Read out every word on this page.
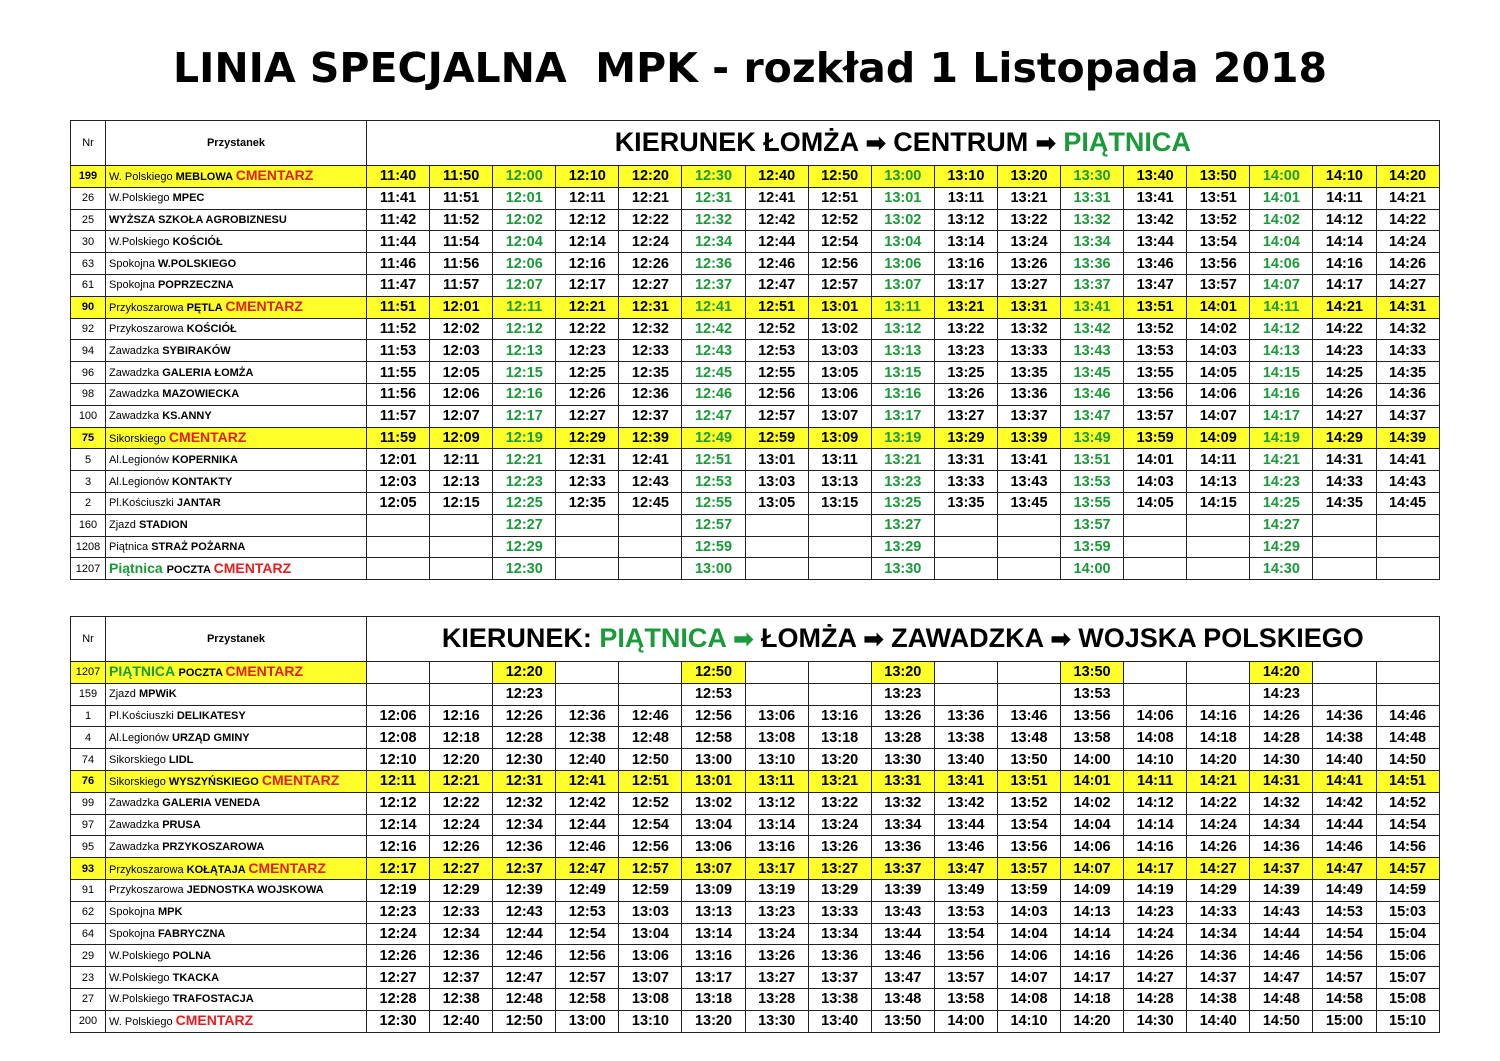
LINIA SPECJALNA  MPK - rozkład 1 Listopada 2018
Nr	Przystanek	KIERUNEK ŁOMŻA ➡ CENTRUM ➡ PIĄTNICA																
199	W. Polskiego MEBLOWA CMENTARZ	11:40	11:50	12:00	12:10	12:20	12:30	12:40	12:50	13:00	13:10	13:20	13:30	13:40	13:50	14:00	14:10	14:20
26	W.Polskiego MPEC	11:41	11:51	12:01	12:11	12:21	12:31	12:41	12:51	13:01	13:11	13:21	13:31	13:41	13:51	14:01	14:11	14:21
25	WYŻSZA SZKOŁA AGROBIZNESU	11:42	11:52	12:02	12:12	12:22	12:32	12:42	12:52	13:02	13:12	13:22	13:32	13:42	13:52	14:02	14:12	14:22
30	W.Polskiego KOŚCIÓŁ	11:44	11:54	12:04	12:14	12:24	12:34	12:44	12:54	13:04	13:14	13:24	13:34	13:44	13:54	14:04	14:14	14:24
63	Spokojna W.POLSKIEGO	11:46	11:56	12:06	12:16	12:26	12:36	12:46	12:56	13:06	13:16	13:26	13:36	13:46	13:56	14:06	14:16	14:26
61	Spokojna POPRZECZNA	11:47	11:57	12:07	12:17	12:27	12:37	12:47	12:57	13:07	13:17	13:27	13:37	13:47	13:57	14:07	14:17	14:27
90	Przykoszarowa PĘTLA CMENTARZ	11:51	12:01	12:11	12:21	12:31	12:41	12:51	13:01	13:11	13:21	13:31	13:41	13:51	14:01	14:11	14:21	14:31
92	Przykoszarowa KOŚCIÓŁ	11:52	12:02	12:12	12:22	12:32	12:42	12:52	13:02	13:12	13:22	13:32	13:42	13:52	14:02	14:12	14:22	14:32
94	Zawadzka SYBIRAKÓW	11:53	12:03	12:13	12:23	12:33	12:43	12:53	13:03	13:13	13:23	13:33	13:43	13:53	14:03	14:13	14:23	14:33
96	Zawadzka GALERIA ŁOMŻA	11:55	12:05	12:15	12:25	12:35	12:45	12:55	13:05	13:15	13:25	13:35	13:45	13:55	14:05	14:15	14:25	14:35
98	Zawadzka MAZOWIECKA	11:56	12:06	12:16	12:26	12:36	12:46	12:56	13:06	13:16	13:26	13:36	13:46	13:56	14:06	14:16	14:26	14:36
100	Zawadzka KS.ANNY	11:57	12:07	12:17	12:27	12:37	12:47	12:57	13:07	13:17	13:27	13:37	13:47	13:57	14:07	14:17	14:27	14:37
75	Sikorskiego CMENTARZ	11:59	12:09	12:19	12:29	12:39	12:49	12:59	13:09	13:19	13:29	13:39	13:49	13:59	14:09	14:19	14:29	14:39
5	Al.Legionów KOPERNIKA	12:01	12:11	12:21	12:31	12:41	12:51	13:01	13:11	13:21	13:31	13:41	13:51	14:01	14:11	14:21	14:31	14:41
3	Al.Legionów KONTAKTY	12:03	12:13	12:23	12:33	12:43	12:53	13:03	13:13	13:23	13:33	13:43	13:53	14:03	14:13	14:23	14:33	14:43
2	Pl.Kościuszki JANTAR	12:05	12:15	12:25	12:35	12:45	12:55	13:05	13:15	13:25	13:35	13:45	13:55	14:05	14:15	14:25	14:35	14:45
160	Zjazd STADION			12:27			12:57			13:27			13:57			14:27		
1208	Piątnica STRAŻ POŻARNA			12:29			12:59			13:29			13:59			14:29		
1207	Piątnica POCZTA CMENTARZ			12:30			13:00			13:30			14:00			14:30		
Nr	Przystanek	KIERUNEK: PIĄTNICA ➡ ŁOMŻA ➡ ZAWADZKA ➡ WOJSKA POLSKIEGO																
1207	PIĄTNICA POCZTA CMENTARZ			12:20			12:50			13:20			13:50			14:20		
159	Zjazd MPWiK			12:23			12:53			13:23			13:53			14:23		
1	Pl.Kościuszki DELIKATESY	12:06	12:16	12:26	12:36	12:46	12:56	13:06	13:16	13:26	13:36	13:46	13:56	14:06	14:16	14:26	14:36	14:46
4	Al.Legionów URZĄD GMINY	12:08	12:18	12:28	12:38	12:48	12:58	13:08	13:18	13:28	13:38	13:48	13:58	14:08	14:18	14:28	14:38	14:48
74	Sikorskiego LIDL	12:10	12:20	12:30	12:40	12:50	13:00	13:10	13:20	13:30	13:40	13:50	14:00	14:10	14:20	14:30	14:40	14:50
76	Sikorskiego WYSZYŃSKIEGO CMENTARZ	12:11	12:21	12:31	12:41	12:51	13:01	13:11	13:21	13:31	13:41	13:51	14:01	14:11	14:21	14:31	14:41	14:51
99	Zawadzka GALERIA VENEDA	12:12	12:22	12:32	12:42	12:52	13:02	13:12	13:22	13:32	13:42	13:52	14:02	14:12	14:22	14:32	14:42	14:52
97	Zawadzka PRUSA	12:14	12:24	12:34	12:44	12:54	13:04	13:14	13:24	13:34	13:44	13:54	14:04	14:14	14:24	14:34	14:44	14:54
95	Zawadzka PRZYKOSZAROWA	12:16	12:26	12:36	12:46	12:56	13:06	13:16	13:26	13:36	13:46	13:56	14:06	14:16	14:26	14:36	14:46	14:56
93	Przykoszarowa KOŁĄTAJA CMENTARZ	12:17	12:27	12:37	12:47	12:57	13:07	13:17	13:27	13:37	13:47	13:57	14:07	14:17	14:27	14:37	14:47	14:57
91	Przykoszarowa JEDNOSTKA WOJSKOWA	12:19	12:29	12:39	12:49	12:59	13:09	13:19	13:29	13:39	13:49	13:59	14:09	14:19	14:29	14:39	14:49	14:59
62	Spokojna MPK	12:23	12:33	12:43	12:53	13:03	13:13	13:23	13:33	13:43	13:53	14:03	14:13	14:23	14:33	14:43	14:53	15:03
64	Spokojna FABRYCZNA	12:24	12:34	12:44	12:54	13:04	13:14	13:24	13:34	13:44	13:54	14:04	14:14	14:24	14:34	14:44	14:54	15:04
29	W.Polskiego POLNA	12:26	12:36	12:46	12:56	13:06	13:16	13:26	13:36	13:46	13:56	14:06	14:16	14:26	14:36	14:46	14:56	15:06
23	W.Polskiego TKACKA	12:27	12:37	12:47	12:57	13:07	13:17	13:27	13:37	13:47	13:57	14:07	14:17	14:27	14:37	14:47	14:57	15:07
27	W.Polskiego TRAFOSTACJA	12:28	12:38	12:48	12:58	13:08	13:18	13:28	13:38	13:48	13:58	14:08	14:18	14:28	14:38	14:48	14:58	15:08
200	W. Polskiego CMENTARZ	12:30	12:40	12:50	13:00	13:10	13:20	13:30	13:40	13:50	14:00	14:10	14:20	14:30	14:40	14:50	15:00	15:10
